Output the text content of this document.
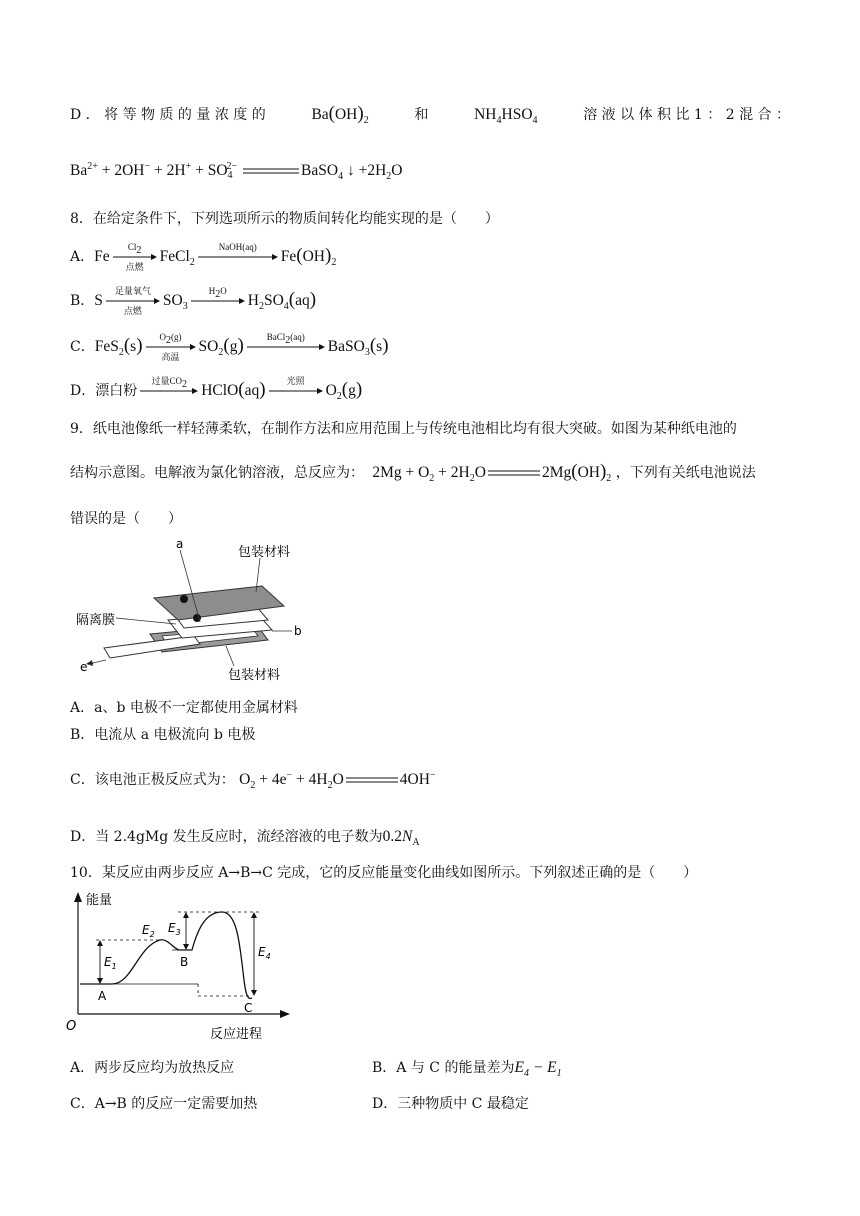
D ． 将 等 物 质 的 量 浓 度 的	$Ba(OH)_2$	和	$NH_4HSO_4$	溶 液 以 体 积 比 1 ： 2 混 合 ：
$Ba^{2+} + 2OH^- + 2H^+ + SO_4^{2-}$	BaSO$_4$ ↓ $+2H_2O$
8．在给定条件下，下列选项所示的物质间转化均能实现的是（　　）
A．Fe
$Cl_2$
点燃
FeCl$_2$
NaOH(aq)
$Fe(OH)_2$
B．S
足量氧气
点燃
$SO_3$
$H_2O$
$H_2SO_4(aq)$
C．FeS$_2$(s)	$O_2(g)$
高温
$SO_2(g)$	BaCl$_2$(aq)
BaSO$_3$(s)
D．漂白粉
过量$CO_2$ HClO(aq)	光照
$O_2(g)$
9．纸电池像纸一样轻薄柔软，在制作方法和应用范围上与传统电池相比均有很大突破。如图为某种纸电池的
结构示意图。电解液为氯化钠溶液，总反应为：  $2Mg + O_2 + 2H_2O$	$2Mg(OH)_2$ ，下列有关纸电池说法
错误的是（　　）
a
包装材料
隔离膜
b
包装材料
e−
A．a、b 电极不一定都使用金属材料
B．电流从 a 电极流向 b 电极
C．该电池正极反应式为： $O_2 + 4e^- + 4H_2O$	4OH−
D．当 2.4gMg 发生反应时，流经溶液的电子数为$0.2N_A$
10．某反应由两步反应 A→B→C 完成，它的反应能量变化曲线如图所示。下列叙述正确的是（　　）
能量
反应进程
O
$E_1$
$E_2$ $E_3$
$E_4$
A
B
C
A．两步反应均为放热反应	B．A 与 C 的能量差为$E_4 - E_1$
C．A→B 的反应一定需要加热	D．三种物质中 C 最稳定
